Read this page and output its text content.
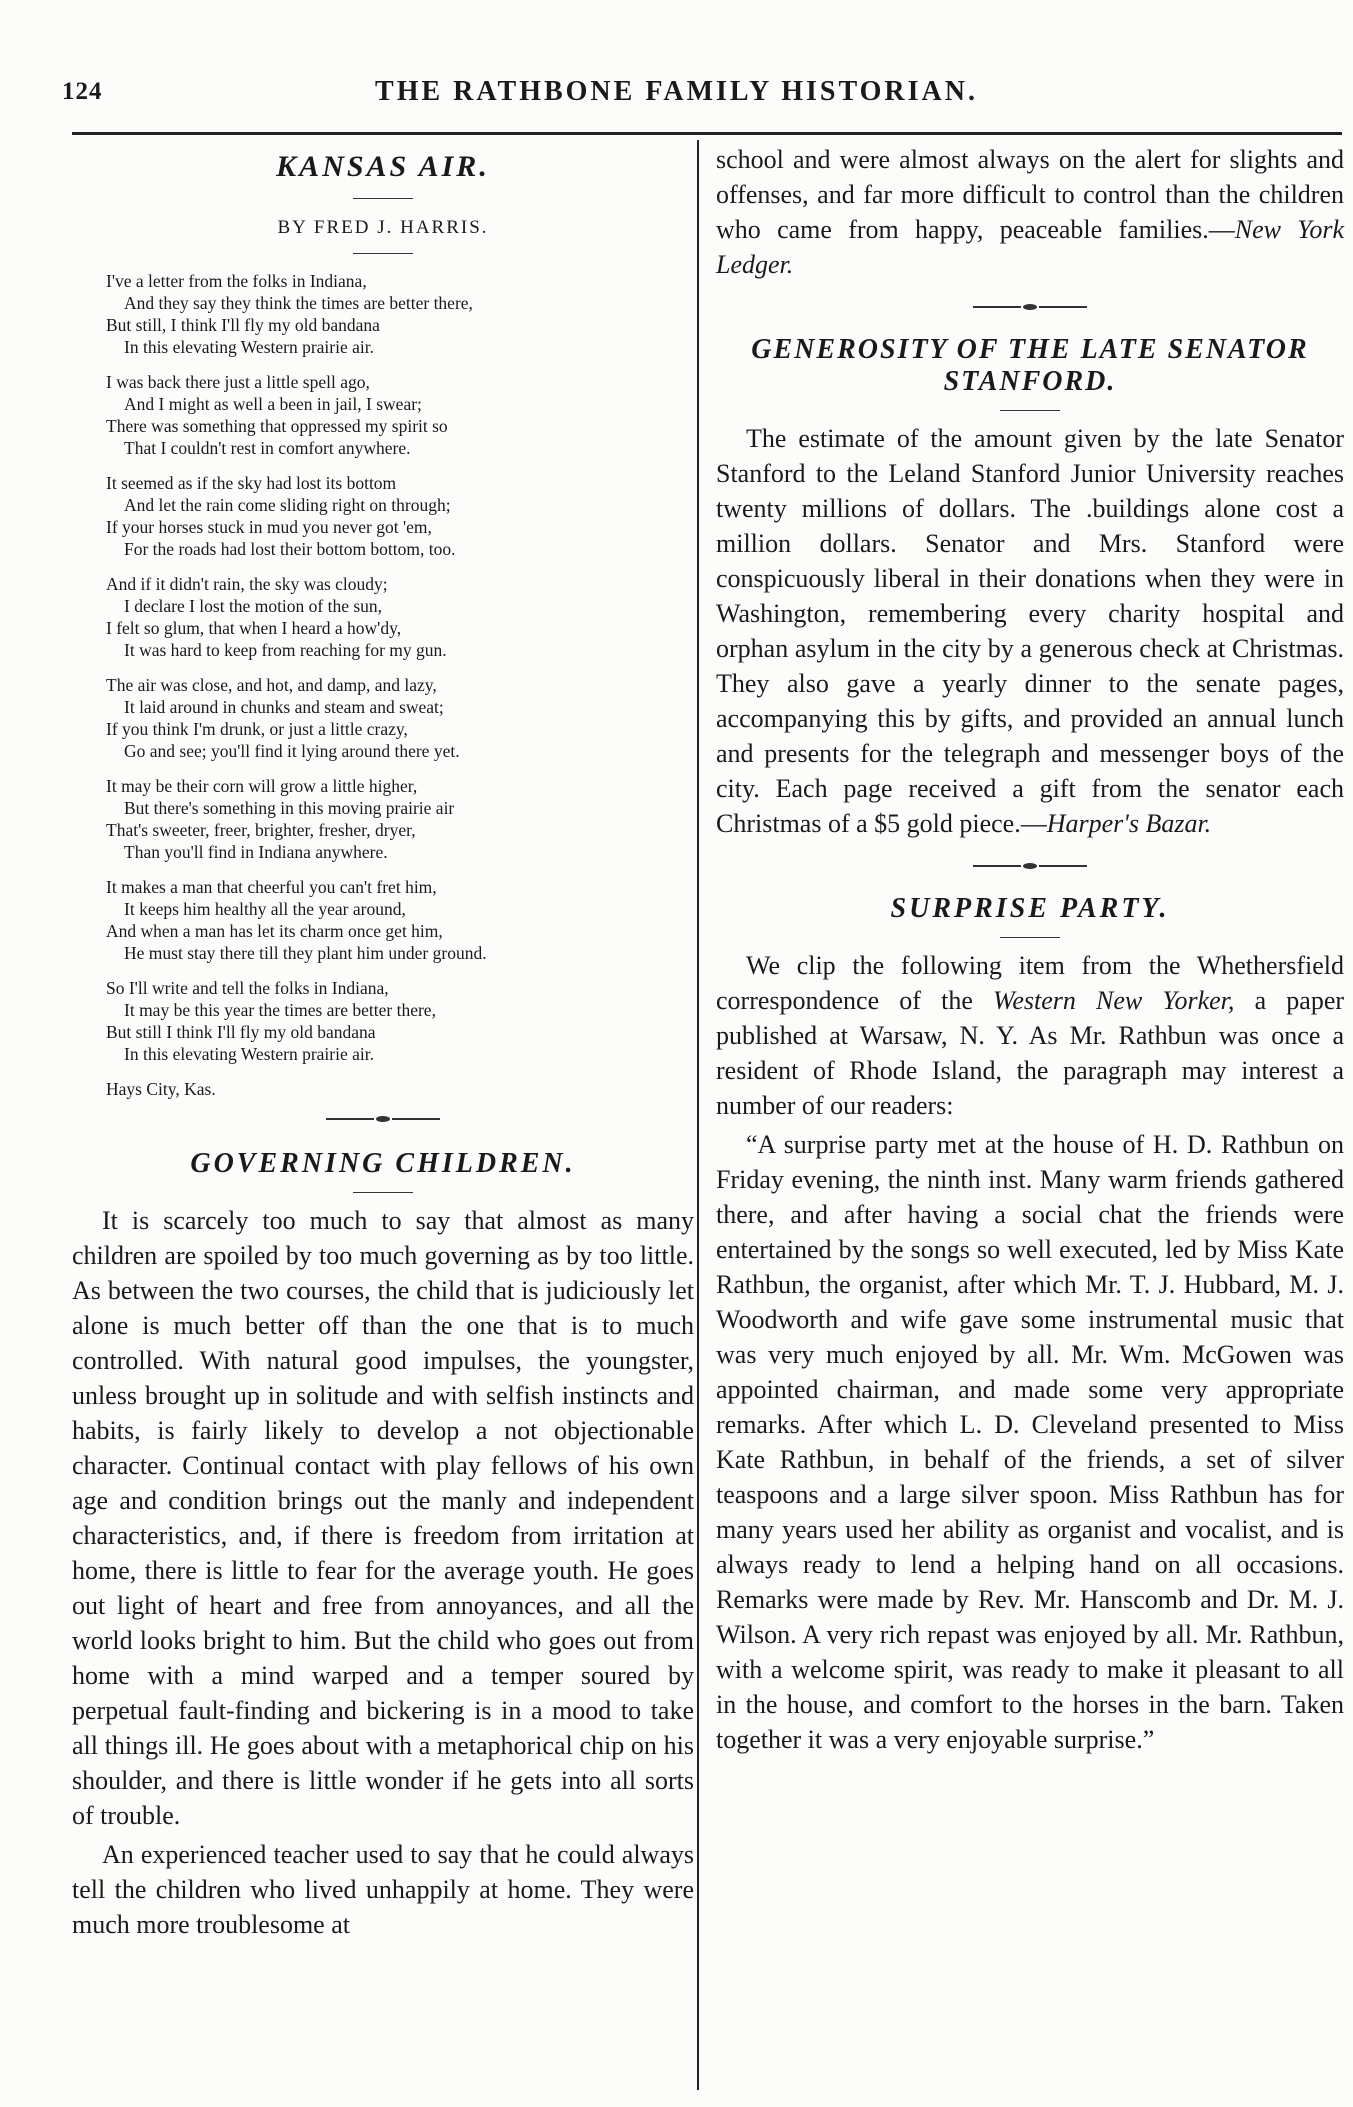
124	THE RATHBONE FAMILY HISTORIAN.
KANSAS AIR.

BY FRED J. HARRIS.

I've a letter from the folks in Indiana,
And they say they think the times are better there,
But still, I think I'll fly my old bandana
In this elevating Western prairie air.
I was back there just a little spell ago,
And I might as well a been in jail, I swear;
There was something that oppressed my spirit so
That I couldn't rest in comfort anywhere.
It seemed as if the sky had lost its bottom
And let the rain come sliding right on through;
If your horses stuck in mud you never got 'em,
For the roads had lost their bottom bottom, too.
And if it didn't rain, the sky was cloudy;
I declare I lost the motion of the sun,
I felt so glum, that when I heard a how'dy,
It was hard to keep from reaching for my gun.
The air was close, and hot, and damp, and lazy,
It laid around in chunks and steam and sweat;
If you think I'm drunk, or just a little crazy,
Go and see; you'll find it lying around there yet.
It may be their corn will grow a little higher,
But there's something in this moving prairie air
That's sweeter, freer, brighter, fresher, dryer,
Than you'll find in Indiana anywhere.
It makes a man that cheerful you can't fret him,
It keeps him healthy all the year around,
And when a man has let its charm once get him,
He must stay there till they plant him under ground.
So I'll write and tell the folks in Indiana,
It may be this year the times are better there,
But still I think I'll fly my old bandana
In this elevating Western prairie air.
Hays City, Kas.
GOVERNING CHILDREN.

It is scarcely too much to say that almost as many children are spoiled by too much governing as by too little. As between the two courses, the child that is judiciously let alone is much better off than the one that is to much controlled. With natural good impulses, the youngster, unless brought up in solitude and with selfish instincts and habits, is fairly likely to develop a not objectionable character. Continual contact with play fellows of his own age and condition brings out the manly and independent characteristics, and, if there is freedom from irritation at home, there is little to fear for the average youth. He goes out light of heart and free from annoyances, and all the world looks bright to him. But the child who goes out from home with a mind warped and a temper soured by perpetual fault-finding and bickering is in a mood to take all things ill. He goes about with a metaphorical chip on his shoulder, and there is little wonder if he gets into all sorts of trouble.

An experienced teacher used to say that he could always tell the children who lived unhappily at home. They were much more troublesome at

school and were almost always on the alert for slights and offenses, and far more difficult to control than the children who came from happy, peaceable families.—New York Ledger.

GENEROSITY OF THE LATE SENATOR
STANFORD.

The estimate of the amount given by the late Senator Stanford to the Leland Stanford Junior University reaches twenty millions of dollars. The .buildings alone cost a million dollars. Senator and Mrs. Stanford were conspicuously liberal in their donations when they were in Washington, remembering every charity hospital and orphan asylum in the city by a generous check at Christmas. They also gave a yearly dinner to the senate pages, accompanying this by gifts, and provided an annual lunch and presents for the telegraph and messenger boys of the city. Each page received a gift from the senator each Christmas of a $5 gold piece.—Harper's Bazar.

SURPRISE PARTY.

We clip the following item from the Whethersfield correspondence of the Western New Yorker, a paper published at Warsaw, N. Y. As Mr. Rathbun was once a resident of Rhode Island, the paragraph may interest a number of our readers:

“A surprise party met at the house of H. D. Rathbun on Friday evening, the ninth inst. Many warm friends gathered there, and after having a social chat the friends were entertained by the songs so well executed, led by Miss Kate Rathbun, the organist, after which Mr. T. J. Hubbard, M. J. Woodworth and wife gave some instrumental music that was very much enjoyed by all. Mr. Wm. McGowen was appointed chairman, and made some very appropriate remarks. After which L. D. Cleveland presented to Miss Kate Rathbun, in behalf of the friends, a set of silver teaspoons and a large silver spoon. Miss Rathbun has for many years used her ability as organist and vocalist, and is always ready to lend a helping hand on all occasions. Remarks were made by Rev. Mr. Hanscomb and Dr. M. J. Wilson. A very rich repast was enjoyed by all. Mr. Rathbun, with a welcome spirit, was ready to make it pleasant to all in the house, and comfort to the horses in the barn. Taken together it was a very enjoyable surprise.”
